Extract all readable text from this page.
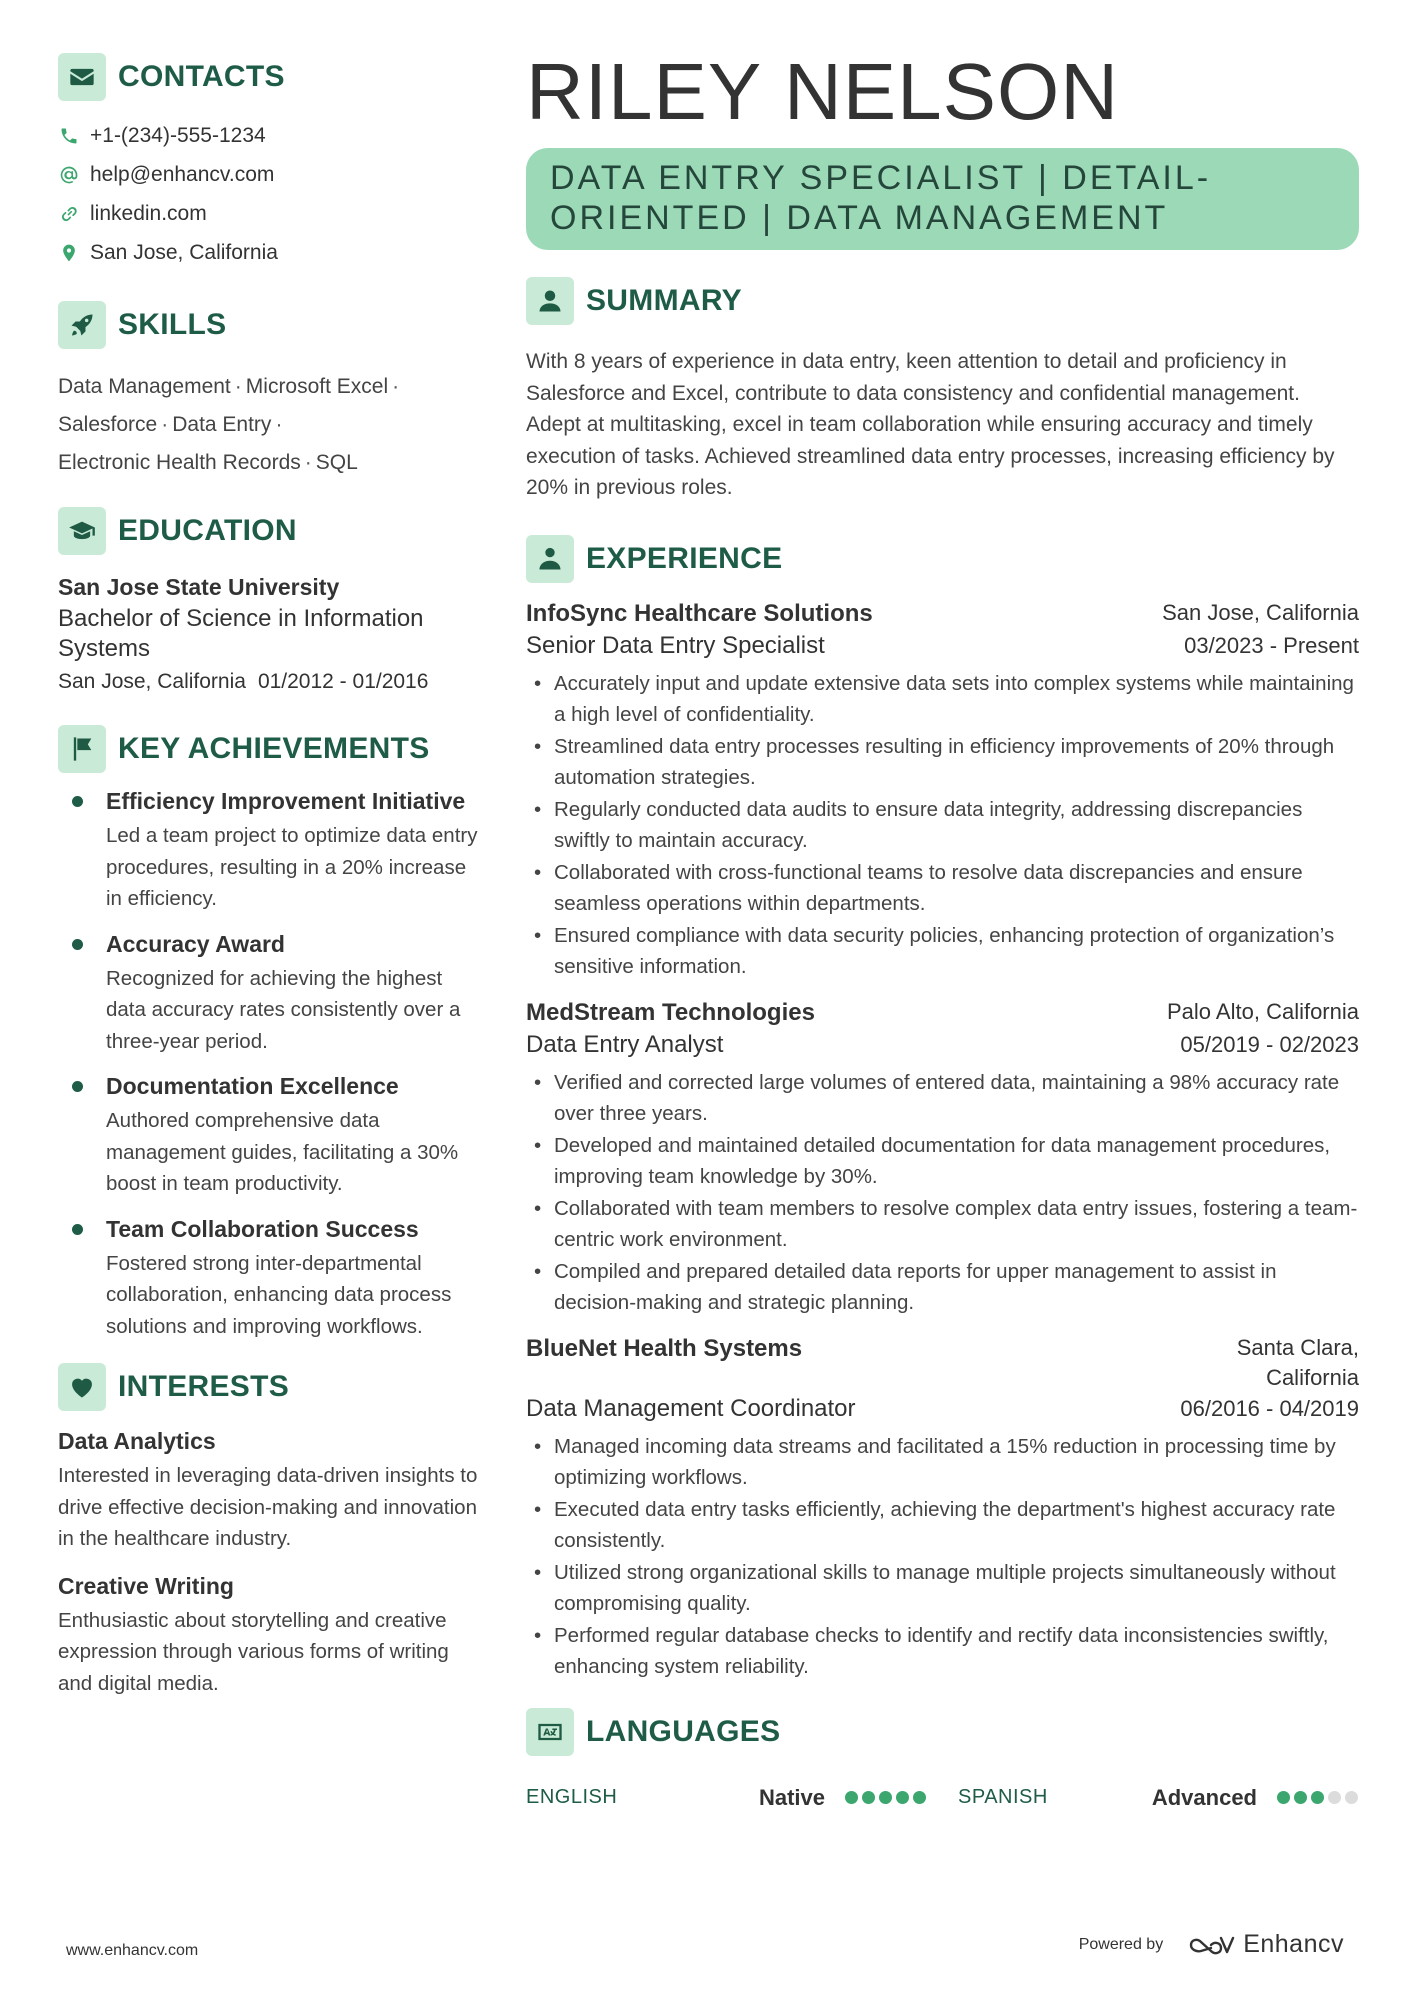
CONTACTS
+1-(234)-555-1234
help@enhancv.com
linkedin.com
San Jose, California
SKILLS
Data Management · Microsoft Excel ·
Salesforce · Data Entry ·
Electronic Health Records · SQL
EDUCATION
San Jose State University
Bachelor of Science in Information Systems
San Jose, California 01/2012 - 01/2016
KEY ACHIEVEMENTS
Efficiency Improvement Initiative
Led a team project to optimize data entry procedures, resulting in a 20% increase in efficiency.
Accuracy Award
Recognized for achieving the highest data accuracy rates consistently over a three-year period.
Documentation Excellence
Authored comprehensive data management guides, facilitating a 30% boost in team productivity.
Team Collaboration Success
Fostered strong inter-departmental collaboration, enhancing data process solutions and improving workflows.
INTERESTS
Data Analytics
Interested in leveraging data-driven insights to drive effective decision-making and innovation in the healthcare industry.
Creative Writing
Enthusiastic about storytelling and creative expression through various forms of writing and digital media.
RILEY NELSON
DATA ENTRY SPECIALIST | DETAIL-ORIENTED | DATA MANAGEMENT
SUMMARY

With 8 years of experience in data entry, keen attention to detail and proficiency in Salesforce and Excel, contribute to data consistency and confidential management. Adept at multitasking, excel in team collaboration while ensuring accuracy and timely execution of tasks. Achieved streamlined data entry processes, increasing efficiency by 20% in previous roles.

EXPERIENCE
InfoSync Healthcare Solutions	San Jose, California
Senior Data Entry Specialist	03/2023 - Present
• Accurately input and update extensive data sets into complex systems while maintaining a high level of confidentiality.
• Streamlined data entry processes resulting in efficiency improvements of 20% through automation strategies.
• Regularly conducted data audits to ensure data integrity, addressing discrepancies swiftly to maintain accuracy.
• Collaborated with cross-functional teams to resolve data discrepancies and ensure seamless operations within departments.
• Ensured compliance with data security policies, enhancing protection of organization’s sensitive information.
MedStream Technologies	Palo Alto, California
Data Entry Analyst	05/2019 - 02/2023
• Verified and corrected large volumes of entered data, maintaining a 98% accuracy rate over three years.
• Developed and maintained detailed documentation for data management procedures, improving team knowledge by 30%.
• Collaborated with team members to resolve complex data entry issues, fostering a team-centric work environment.
• Compiled and prepared detailed data reports for upper management to assist in decision-making and strategic planning.
BlueNet Health Systems	Santa Clara, California
Data Management Coordinator	06/2016 - 04/2019
• Managed incoming data streams and facilitated a 15% reduction in processing time by optimizing workflows.
• Executed data entry tasks efficiently, achieving the department's highest accuracy rate consistently.
• Utilized strong organizational skills to manage multiple projects simultaneously without compromising quality.
• Performed regular database checks to identify and rectify data inconsistencies swiftly, enhancing system reliability.
LANGUAGES
ENGLISH	Native	SPANISH	Advanced
www.enhancv.com	Powered by	Enhancv
